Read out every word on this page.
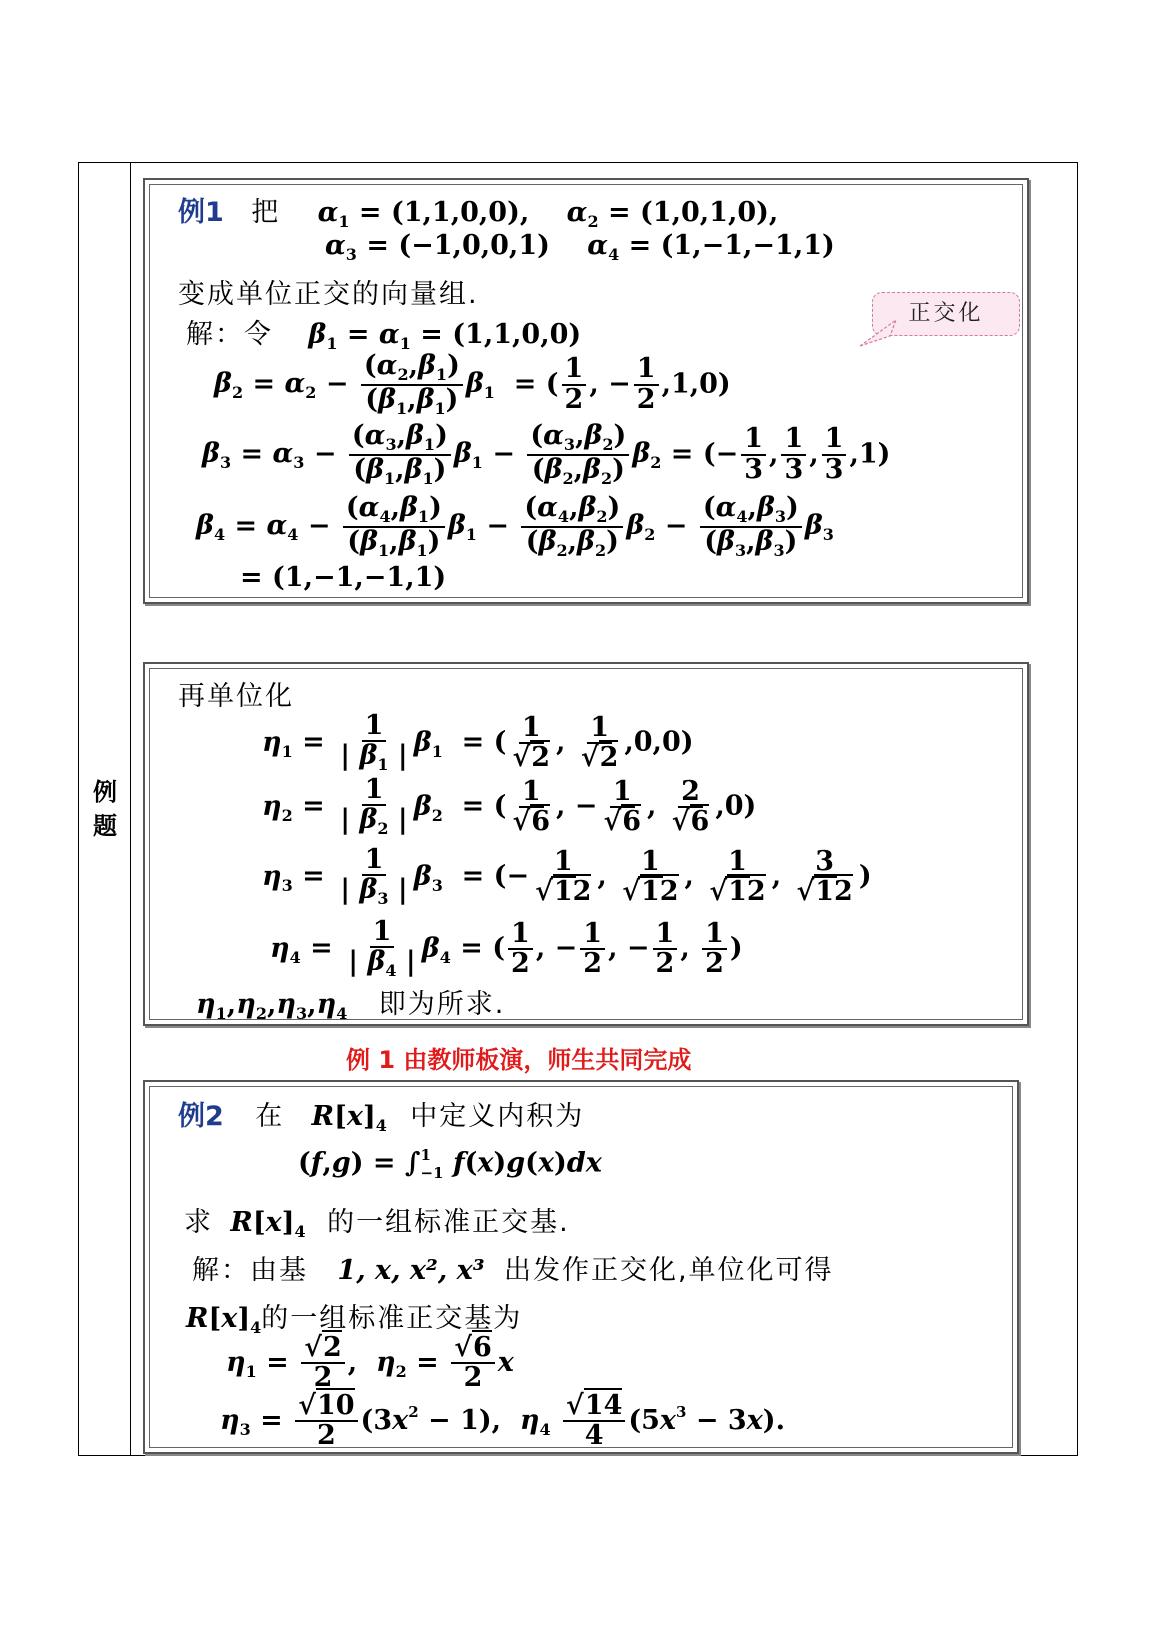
例
题
例1 把 $\alpha_1 = (1,1,0,0)$, $\alpha_2 = (1,0,1,0)$,
$\alpha_3 = (-1,0,0,1) \alpha_4 = (1,-1,-1,1)$
变成单位正交的向量组.
正交化
解：令 $\beta_1 = \alpha_1 = (1,1,0,0)$
$\beta_2 = \alpha_2 - \frac{(\alpha_2,\beta_1)}{(\beta_1,\beta_1)} \beta_1$  = ( $\frac{1}{2}$ , − $\frac{1}{2} ,1,0$)
$\beta_3 = \alpha_3 - \frac{(\alpha_3,\beta_1)}{(\beta_1,\beta_1)} \beta_1 - \frac{(\alpha_3,\beta_2)}{(\beta_2,\beta_2)} \beta_2$ = (− $\frac{1}{3}$ , $\frac{1}{3}$ , $\frac{1}{3} ,1$)
$\beta_4 = \alpha_4 - \frac{(\alpha_4,\beta_1)}{(\beta_1,\beta_1)} \beta_1 - \frac{(\alpha_4,\beta_2)}{(\beta_2,\beta_2)} \beta_2 - \frac{(\alpha_4,\beta_3)}{(\beta_3,\beta_3)} \beta_3$
= (1,−1,−1,1)
再单位化
$\eta_1 = \frac{1}{| \beta_1 |} \beta_1$  = ( $\frac{1}{√2}$ , $\frac{1}{√2} ,0,0$)
$\eta_2 = \frac{1}{| \beta_2 |} \beta_2$  = ( $\frac{1}{√6}$ , − $\frac{1}{√6}$ , $\frac{2}{√6} ,0$)
$\eta_3 = \frac{1}{| \beta_3 |} \beta_3$  = (− $\frac{1}{√12}$ , $\frac{1}{√12}$ , $\frac{1}{√12}$ , $\frac{3}{√12}$ )
$\eta_4 = \frac{1}{| \beta_4 |} \beta_4$ = ( $\frac{1}{2}$ , − $\frac{1}{2}$ , − $\frac{1}{2}$ , $\frac{1}{2}$ )
$\eta_1,\eta_2,\eta_3,\eta_4$ 即为所求.
例 1 由教师板演，师生共同完成
例2 在 $R[x]_4$ 中定义内积为
(f,g) = ∫ 1
−1 f(x)g(x)dx
求 $R[x]_4$ 的一组标准正交基.
解：由基 1, x, x², x³ 出发作正交化,单位化可得
$R[x]_4$的一组标准正交基为
$\eta_1 = \frac{√2}{2}$ ,  $\eta_2 = \frac{√6}{2}$ x
$\eta_3 = \frac{√10}{2} (3x^2 - 1)$,  $\eta_4 \frac{√14}{4} (5x^3 - 3x)$.
